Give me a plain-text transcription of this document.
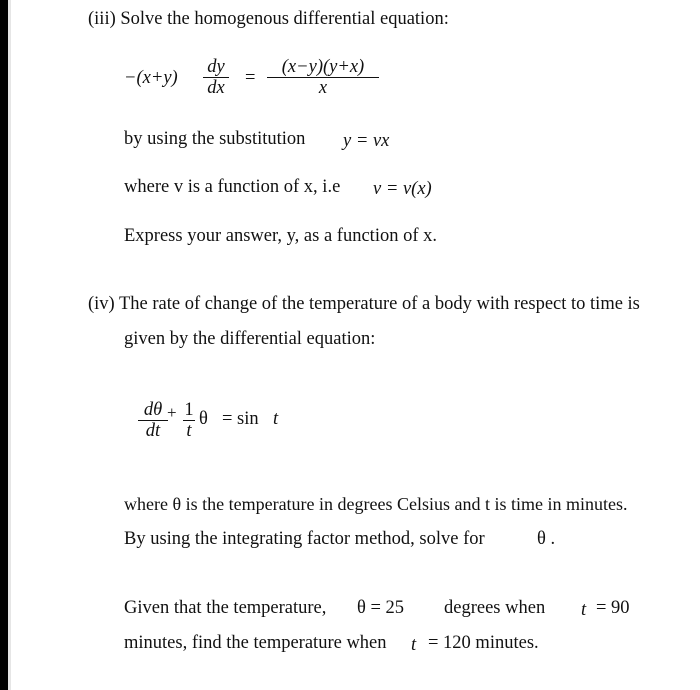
(iii) Solve the homogenous differential equation:
−(x+y)
dy
dx
=
(x−y)(y+x)
x
by using the substitution y = vx
where v is a function of x, i.e v = v(x)
Express your answer, y, as a function of x.
(iv) The rate of change of the temperature of a body with respect to time is
given by the differential equation:
dθ
dt
+ 1
t
θ = sin t
where θ is the temperature in degrees Celsius and t is time in minutes.
By using the integrating factor method, solve for	θ .
Given that the temperature, θ = 25 degrees when t = 90
minutes, find the temperature when t = 120 minutes.
